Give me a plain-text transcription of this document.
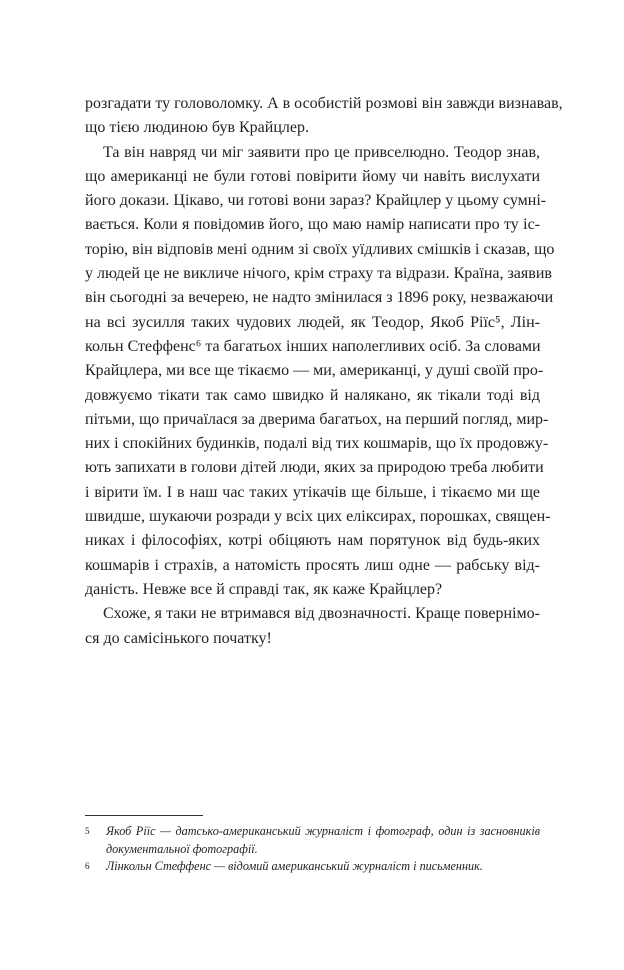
розгадати ту головоломку. А в особистій розмові він завжди визнавав,
що тією людиною був Крайцлер.
Та він навряд чи міг заявити про це привселюдно. Теодор знав,
що американці не були готові повірити йому чи навіть вислухати
його докази. Цікаво, чи готові вони зараз? Крайцлер у цьому сумні-
вається. Коли я повідомив його, що маю намір написати про ту іс-
торію, він відповів мені одним зі своїх уїдливих смішків і сказав, що
у людей це не викличе нічого, крім страху та відрази. Країна, заявив
він сьогодні за вечерею, не надто змінилася з 1896 року, незважаючи
на всі зусилля таких чудових людей, як Теодор, Якоб Ріїс⁵, Лін-
кольн Стеффенс⁶ та багатьох інших наполегливих осіб. За словами
Крайцлера, ми все ще тікаємо — ми, американці, у душі своїй про-
довжуємо тікати так само швидко й налякано, як тікали тоді від
пітьми, що причаїлася за дверима багатьох, на перший погляд, мир-
них і спокійних будинків, подалі від тих кошмарів, що їх продовжу-
ють запихати в голови дітей люди, яких за природою треба любити
і вірити їм. І в наш час таких утікачів ще більше, і тікаємо ми ще
швидше, шукаючи розради у всіх цих еліксирах, порошках, священ-
никах і філософіях, котрі обіцяють нам порятунок від будь-яких
кошмарів і страхів, а натомість просять лиш одне — рабську від-
даність. Невже все й справді так, як каже Крайцлер?
Схоже, я таки не втримався від двозначності. Краще повернімо-
ся до самісінького початку!
5 Якоб Ріїс — датсько-американський журналіст і фотограф, один із засновників
документальної фотографії.
6 Лінкольн Стеффенс — відомий американський журналіст і письменник.
